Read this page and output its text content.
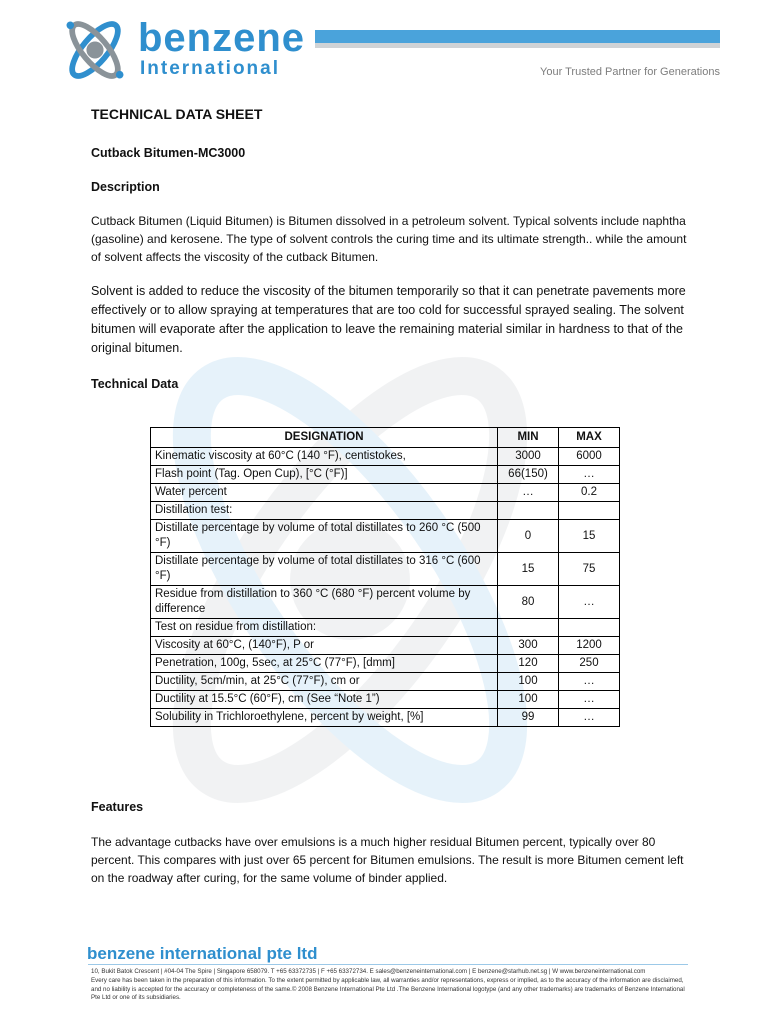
benzene
International	Your Trusted Partner for Generations
TECHNICAL DATA SHEET
Cutback Bitumen-MC3000
Description
Cutback Bitumen (Liquid Bitumen) is Bitumen dissolved in a petroleum solvent. Typical solvents include naphtha (gasoline) and kerosene. The type of solvent controls the curing time and its ultimate strength.. while the amount of solvent affects the viscosity of the cutback Bitumen.
Solvent is added to reduce the viscosity of the bitumen temporarily so that it can penetrate pavements more effectively or to allow spraying at temperatures that are too cold for successful sprayed sealing. The solvent bitumen will evaporate after the application to leave the remaining material similar in hardness to that of the original bitumen.
Technical Data
DESIGNATION	MIN	MAX
Kinematic viscosity at 60°C (140 °F), centistokes,	3000	6000
Flash point (Tag. Open Cup), [°C (°F)]	66(150)	…
Water percent	…	0.2
Distillation test:		
Distillate percentage by volume of total distillates to 260 °C (500 °F)	0	15
Distillate percentage by volume of total distillates to 316 °C (600 °F)	15	75
Residue from distillation to 360 °C (680 °F) percent volume by difference	80	…
Test on residue from distillation:		
Viscosity at 60°C, (140°F), P or	300	1200
Penetration, 100g, 5sec, at 25°C (77°F), [dmm]	120	250
Ductility, 5cm/min, at 25°C (77°F), cm or	100	…
Ductility at 15.5°C (60°F), cm (See “Note 1”)	100	…
Solubility in Trichloroethylene, percent by weight, [%]	99	…
Features
The advantage cutbacks have over emulsions is a much higher residual Bitumen percent, typically over 80 percent. This compares with just over 65 percent for Bitumen emulsions. The result is more Bitumen cement left on the roadway after curing, for the same volume of binder applied.
benzene international pte ltd
10, Bukit Batok Crescent | #04-04 The Spire | Singapore 658079. T +65 63372735 | F +65 63372734. E sales@benzeneinternational.com | E benzene@starhub.net.sg | W www.benzeneinternational.com
Every care has been taken in the preparation of this information. To the extent permitted by applicable law, all warranties and/or representations, express or implied, as to the accuracy of the information are disclaimed, and no liability is accepted for the accuracy or completeness of the same.© 2008 Benzene International Pte Ltd .The Benzene International logotype (and any other trademarks) are trademarks of Benzene International Pte Ltd or one of its subsidiaries.
